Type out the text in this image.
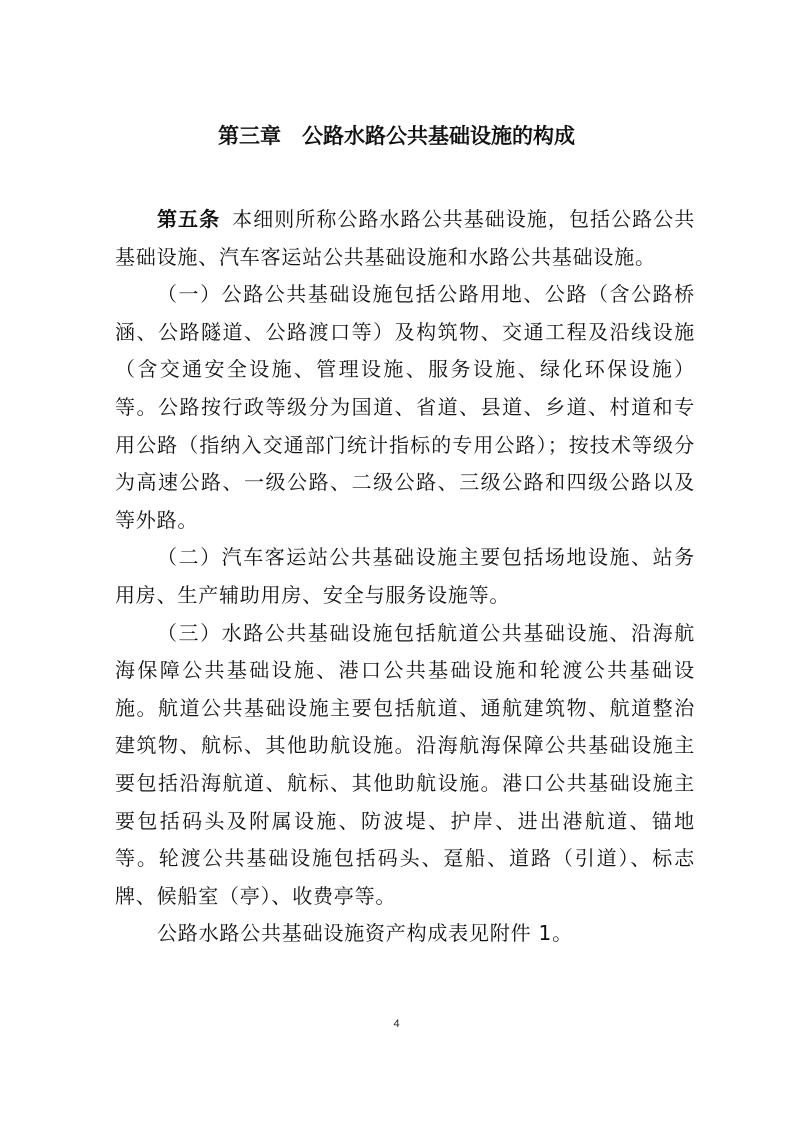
第三章　公路水路公共基础设施的构成

第五条 本细则所称公路水路公共基础设施，包括公路公共基础设施、汽车客运站公共基础设施和水路公共基础设施。

（一）公路公共基础设施包括公路用地、公路（含公路桥涵、公路隧道、公路渡口等）及构筑物、交通工程及沿线设施（含交通安全设施、管理设施、服务设施、绿化环保设施）等。公路按行政等级分为国道、省道、县道、乡道、村道和专用公路（指纳入交通部门统计指标的专用公路）；按技术等级分为高速公路、一级公路、二级公路、三级公路和四级公路以及等外路。

（二）汽车客运站公共基础设施主要包括场地设施、站务用房、生产辅助用房、安全与服务设施等。

（三）水路公共基础设施包括航道公共基础设施、沿海航海保障公共基础设施、港口公共基础设施和轮渡公共基础设施。航道公共基础设施主要包括航道、通航建筑物、航道整治建筑物、航标、其他助航设施。沿海航海保障公共基础设施主要包括沿海航道、航标、其他助航设施。港口公共基础设施主要包括码头及附属设施、防波堤、护岸、进出港航道、锚地等。轮渡公共基础设施包括码头、趸船、道路（引道）、标志牌、候船室（亭）、收费亭等。

公路水路公共基础设施资产构成表见附件 1。

4
